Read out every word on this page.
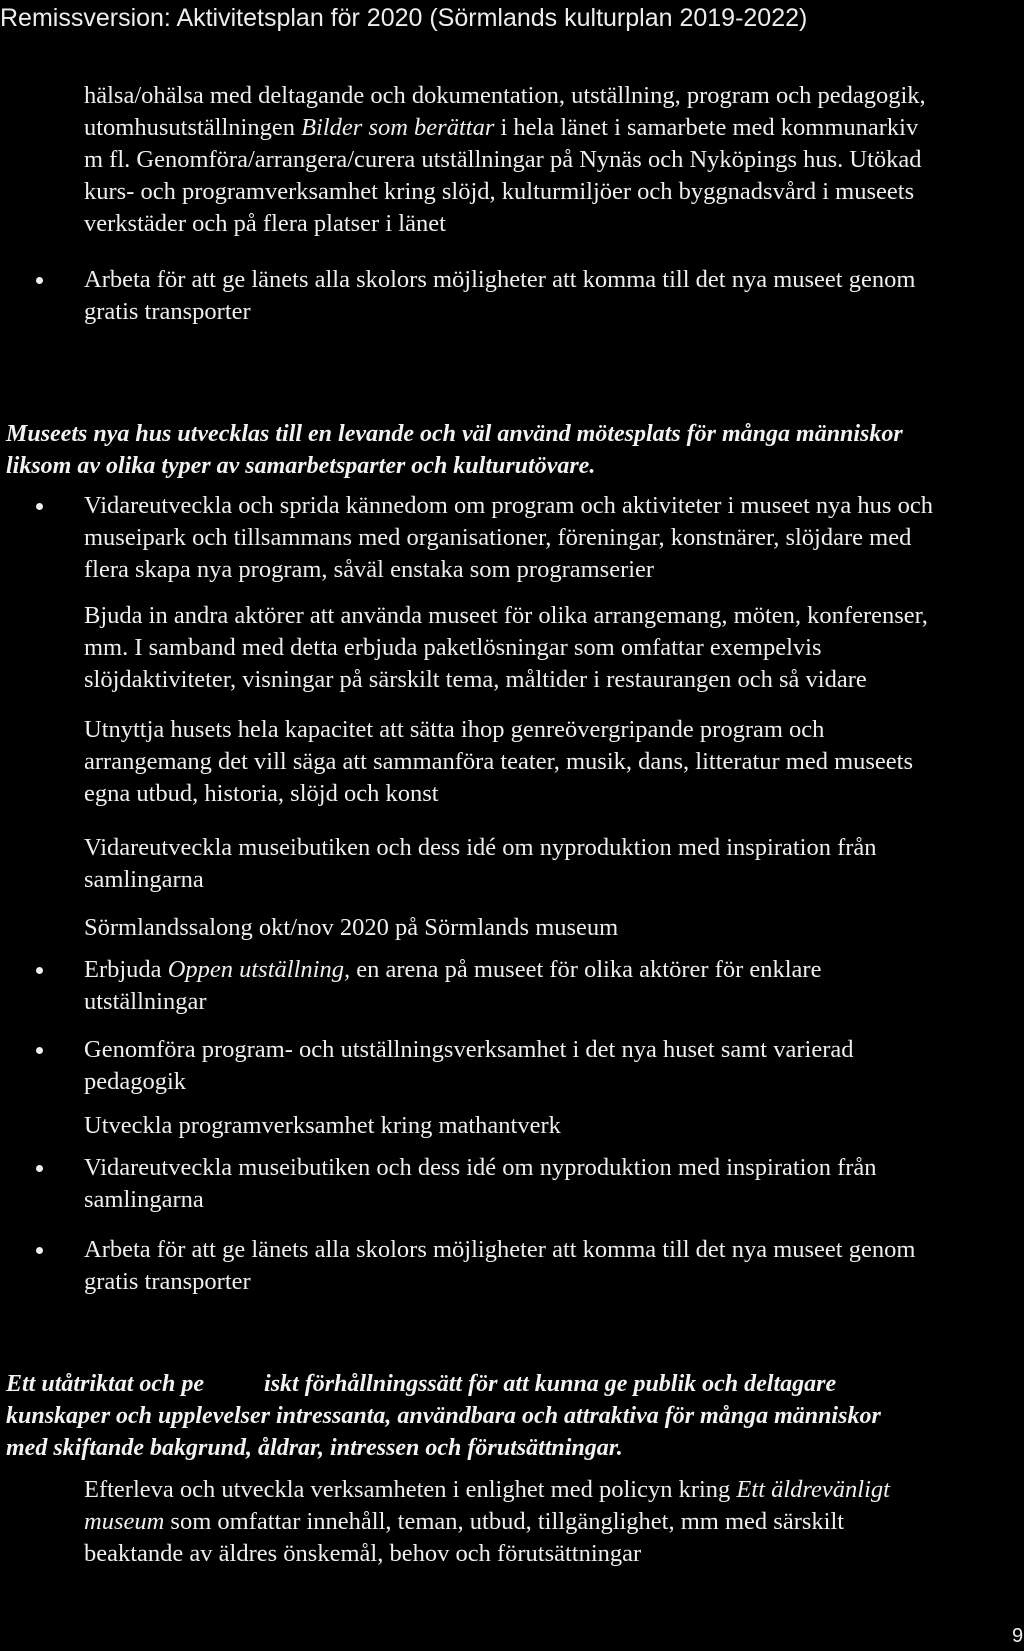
Remissversion: Aktivitetsplan för 2020 (Sörmlands kulturplan 2019-2022)

hälsa/ohälsa med deltagande och dokumentation, utställning, program och pedagogik,

utomhusutställningen Bilder som berättar i hela länet i samarbete med kommunarkiv

m fl. Genomföra/arrangera/curera utställningar på Nynäs och Nyköpings hus. Utökad

kurs- och programverksamhet kring slöjd, kulturmiljöer och byggnadsvård i museets

verkstäder och på flera platser i länet

Arbeta för att ge länets alla skolors möjligheter att komma till det nya museet genom

gratis transporter

Museets nya hus utvecklas till en levande och väl använd mötesplats för många människor

liksom av olika typer av samarbetsparter och kulturutövare.

Vidareutveckla och sprida kännedom om program och aktiviteter i museet nya hus och

museipark och tillsammans med organisationer, föreningar, konstnärer, slöjdare med

flera skapa nya program, såväl enstaka som programserier

Bjuda in andra aktörer att använda museet för olika arrangemang, möten, konferenser,

mm. I samband med detta erbjuda paketlösningar som omfattar exempelvis

slöjdaktiviteter, visningar på särskilt tema, måltider i restaurangen och så vidare

Utnyttja husets hela kapacitet att sätta ihop genreövergripande program och

arrangemang det vill säga att sammanföra teater, musik, dans, litteratur med museets

egna utbud, historia, slöjd och konst

Vidareutveckla museibutiken och dess idé om nyproduktion med inspiration från

samlingarna

Sörmlandssalong okt/nov 2020 på Sörmlands museum

Erbjuda Oppen utställning, en arena på museet för olika aktörer för enklare

utställningar

Genomföra program- och utställningsverksamhet i det nya huset samt varierad

pedagogik

Utveckla programverksamhet kring mathantverk

Vidareutveckla museibutiken och dess idé om nyproduktion med inspiration från

samlingarna

Arbeta för att ge länets alla skolors möjligheter att komma till det nya museet genom

gratis transporter

Ett utåtriktat och pe          iskt förhållningssätt för att kunna ge publik och deltagare

kunskaper och upplevelser intressanta, användbara och attraktiva för många människor

med skiftande bakgrund, åldrar, intressen och förutsättningar.

Efterleva och utveckla verksamheten i enlighet med policyn kring Ett äldrevänligt

museum som omfattar innehåll, teman, utbud, tillgänglighet, mm med särskilt

beaktande av äldres önskemål, behov och förutsättningar

9
